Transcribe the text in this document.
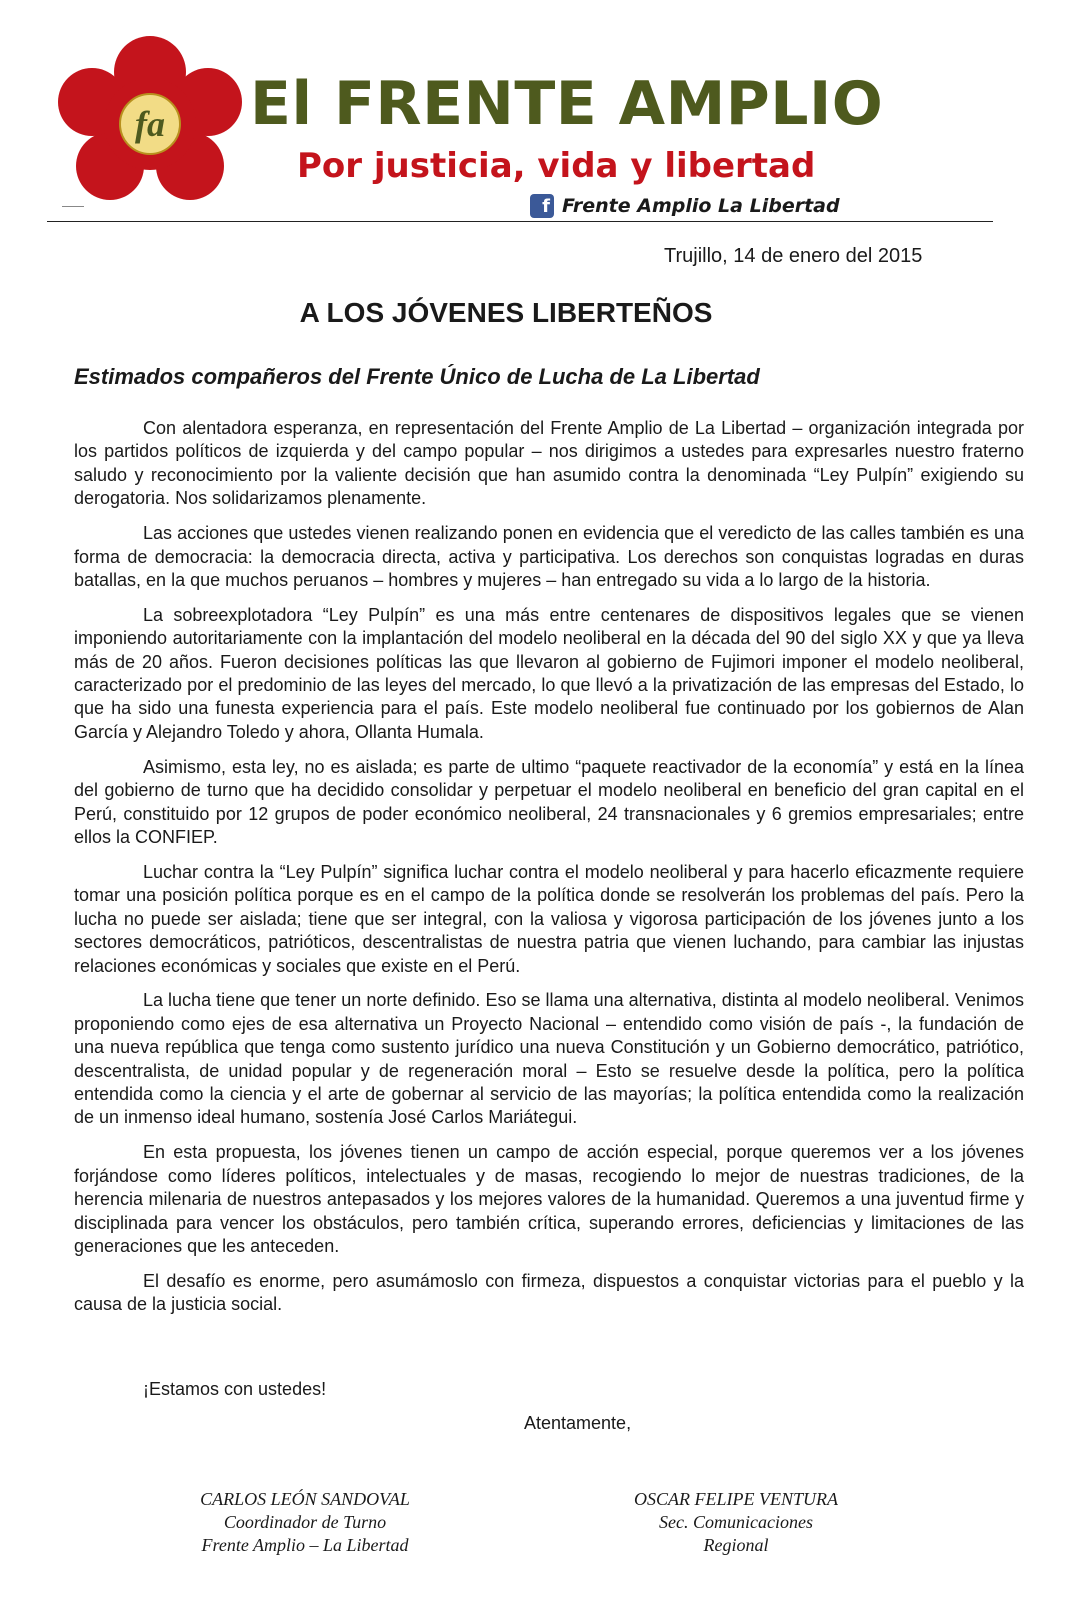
fa El FRENTE AMPLIO
Por justicia, vida y libertad
f Frente Amplio La Libertad
Trujillo, 14 de enero del 2015
A LOS JÓVENES LIBERTEÑOS
Estimados compañeros del Frente Único de Lucha de La Libertad

Con alentadora esperanza, en representación del Frente Amplio de La Libertad – organización integrada por los partidos políticos de izquierda y del campo popular – nos dirigimos a ustedes para expresarles nuestro fraterno saludo y reconocimiento por la valiente decisión que han asumido contra la denominada “Ley Pulpín” exigiendo su derogatoria. Nos solidarizamos plenamente.

Las acciones que ustedes vienen realizando ponen en evidencia que el veredicto de las calles también es una forma de democracia: la democracia directa, activa y participativa. Los derechos son conquistas logradas en duras batallas, en la que muchos peruanos – hombres y mujeres – han entregado su vida a lo largo de la historia.

La sobreexplotadora “Ley Pulpín” es una más entre centenares de dispositivos legales que se vienen imponiendo autoritariamente con la implantación del modelo neoliberal en la década del 90 del siglo XX y que ya lleva más de 20 años. Fueron decisiones políticas las que llevaron al gobierno de Fujimori imponer el modelo neoliberal, caracterizado por el predominio de las leyes del mercado, lo que llevó a la privatización de las empresas del Estado, lo que ha sido una funesta experiencia para el país. Este modelo neoliberal fue continuado por los gobiernos de Alan García y Alejandro Toledo y ahora, Ollanta Humala.

Asimismo, esta ley, no es aislada; es parte de ultimo “paquete reactivador de la economía” y está en la línea del gobierno de turno que ha decidido consolidar y perpetuar el modelo neoliberal en beneficio del gran capital en el Perú, constituido por 12 grupos de poder económico neoliberal, 24 transnacionales y 6 gremios empresariales; entre ellos la CONFIEP.

Luchar contra la “Ley Pulpín” significa luchar contra el modelo neoliberal y para hacerlo eficazmente requiere tomar una posición política porque es en el campo de la política donde se resolverán los problemas del país. Pero la lucha no puede ser aislada; tiene que ser integral, con la valiosa y vigorosa participación de los jóvenes junto a los sectores democráticos, patrióticos, descentralistas de nuestra patria que vienen luchando, para cambiar las injustas relaciones económicas y sociales que existe en el Perú.

La lucha tiene que tener un norte definido. Eso se llama una alternativa, distinta al modelo neoliberal. Venimos proponiendo como ejes de esa alternativa un Proyecto Nacional – entendido como visión de país -, la fundación de una nueva república que tenga como sustento jurídico una nueva Constitución y un Gobierno democrático, patriótico, descentralista, de unidad popular y de regeneración moral – Esto se resuelve desde la política, pero la política entendida como la ciencia y el arte de gobernar al servicio de las mayorías; la política entendida como la realización de un inmenso ideal humano, sostenía José Carlos Mariátegui.

En esta propuesta, los jóvenes tienen un campo de acción especial, porque queremos ver a los jóvenes forjándose como líderes políticos, intelectuales y de masas, recogiendo lo mejor de nuestras tradiciones, de la herencia milenaria de nuestros antepasados y los mejores valores de la humanidad. Queremos a una juventud firme y disciplinada para vencer los obstáculos, pero también crítica, superando errores, deficiencias y limitaciones de las generaciones que les anteceden.

El desafío es enorme, pero asumámoslo con firmeza, dispuestos a conquistar victorias para el pueblo y la causa de la justicia social.

¡Estamos con ustedes!
Atentamente,
CARLOS LEÓN SANDOVAL
Coordinador de Turno
Frente Amplio – La Libertad
OSCAR FELIPE VENTURA
Sec. Comunicaciones
Regional
